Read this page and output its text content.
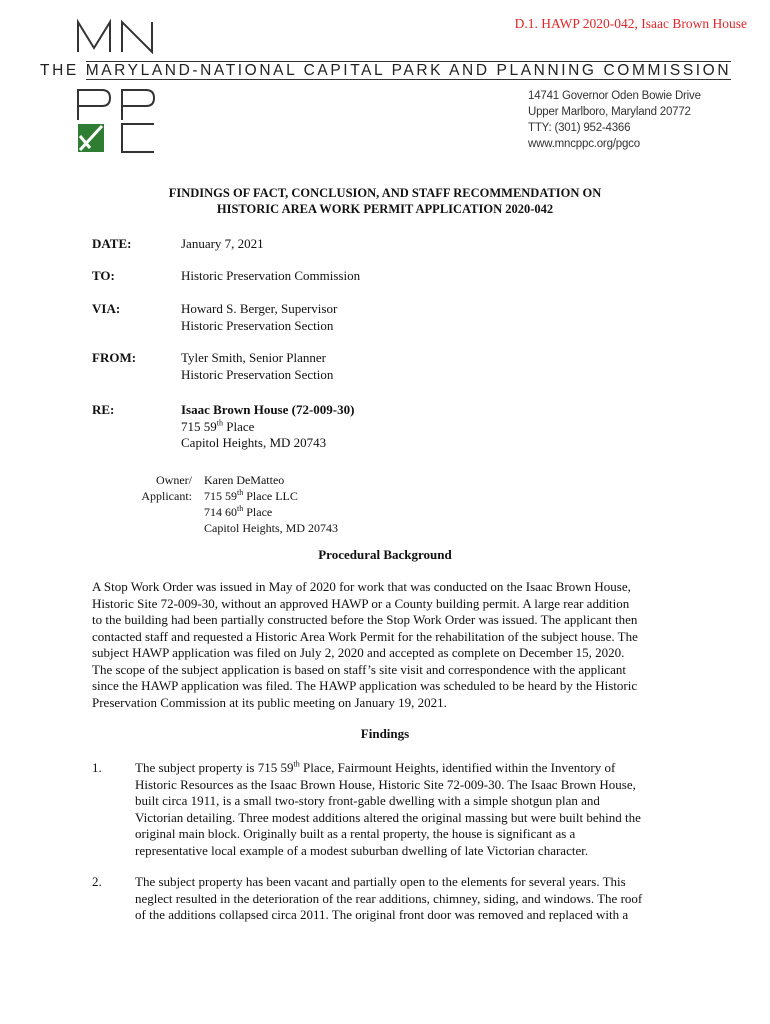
D.1. HAWP 2020-042, Isaac Brown House
THE MARYLAND-NATIONAL CAPITAL PARK AND PLANNING COMMISSION
14741 Governor Oden Bowie Drive
Upper Marlboro, Maryland 20772
TTY: (301) 952-4366
www.mncppc.org/pgco
FINDINGS OF FACT, CONCLUSION, AND STAFF RECOMMENDATION ON
HISTORIC AREA WORK PERMIT APPLICATION 2020-042
DATE:	January 7, 2021
TO:	Historic Preservation Commission
VIA:	Howard S. Berger, Supervisor
Historic Preservation Section
FROM:	Tyler Smith, Senior Planner
Historic Preservation Section
RE:	Isaac Brown House (72-009-30)
715 59th Place
Capitol Heights, MD 20743
Owner/
Applicant:
Karen DeMatteo
715 59th Place LLC
714 60th Place
Capitol Heights, MD 20743
Procedural Background
A Stop Work Order was issued in May of 2020 for work that was conducted on the Isaac Brown House,
Historic Site 72-009-30, without an approved HAWP or a County building permit. A large rear addition
to the building had been partially constructed before the Stop Work Order was issued. The applicant then
contacted staff and requested a Historic Area Work Permit for the rehabilitation of the subject house. The
subject HAWP application was filed on July 2, 2020 and accepted as complete on December 15, 2020.
The scope of the subject application is based on staff’s site visit and correspondence with the applicant
since the HAWP application was filed. The HAWP application was scheduled to be heard by the Historic
Preservation Commission at its public meeting on January 19, 2021.
Findings
1.	The subject property is 715 59th Place, Fairmount Heights, identified within the Inventory of
Historic Resources as the Isaac Brown House, Historic Site 72-009-30. The Isaac Brown House,
built circa 1911, is a small two-story front-gable dwelling with a simple shotgun plan and
Victorian detailing. Three modest additions altered the original massing but were built behind the
original main block. Originally built as a rental property, the house is significant as a
representative local example of a modest suburban dwelling of late Victorian character.
2.	The subject property has been vacant and partially open to the elements for several years. This
neglect resulted in the deterioration of the rear additions, chimney, siding, and windows. The roof
of the additions collapsed circa 2011. The original front door was removed and replaced with a
